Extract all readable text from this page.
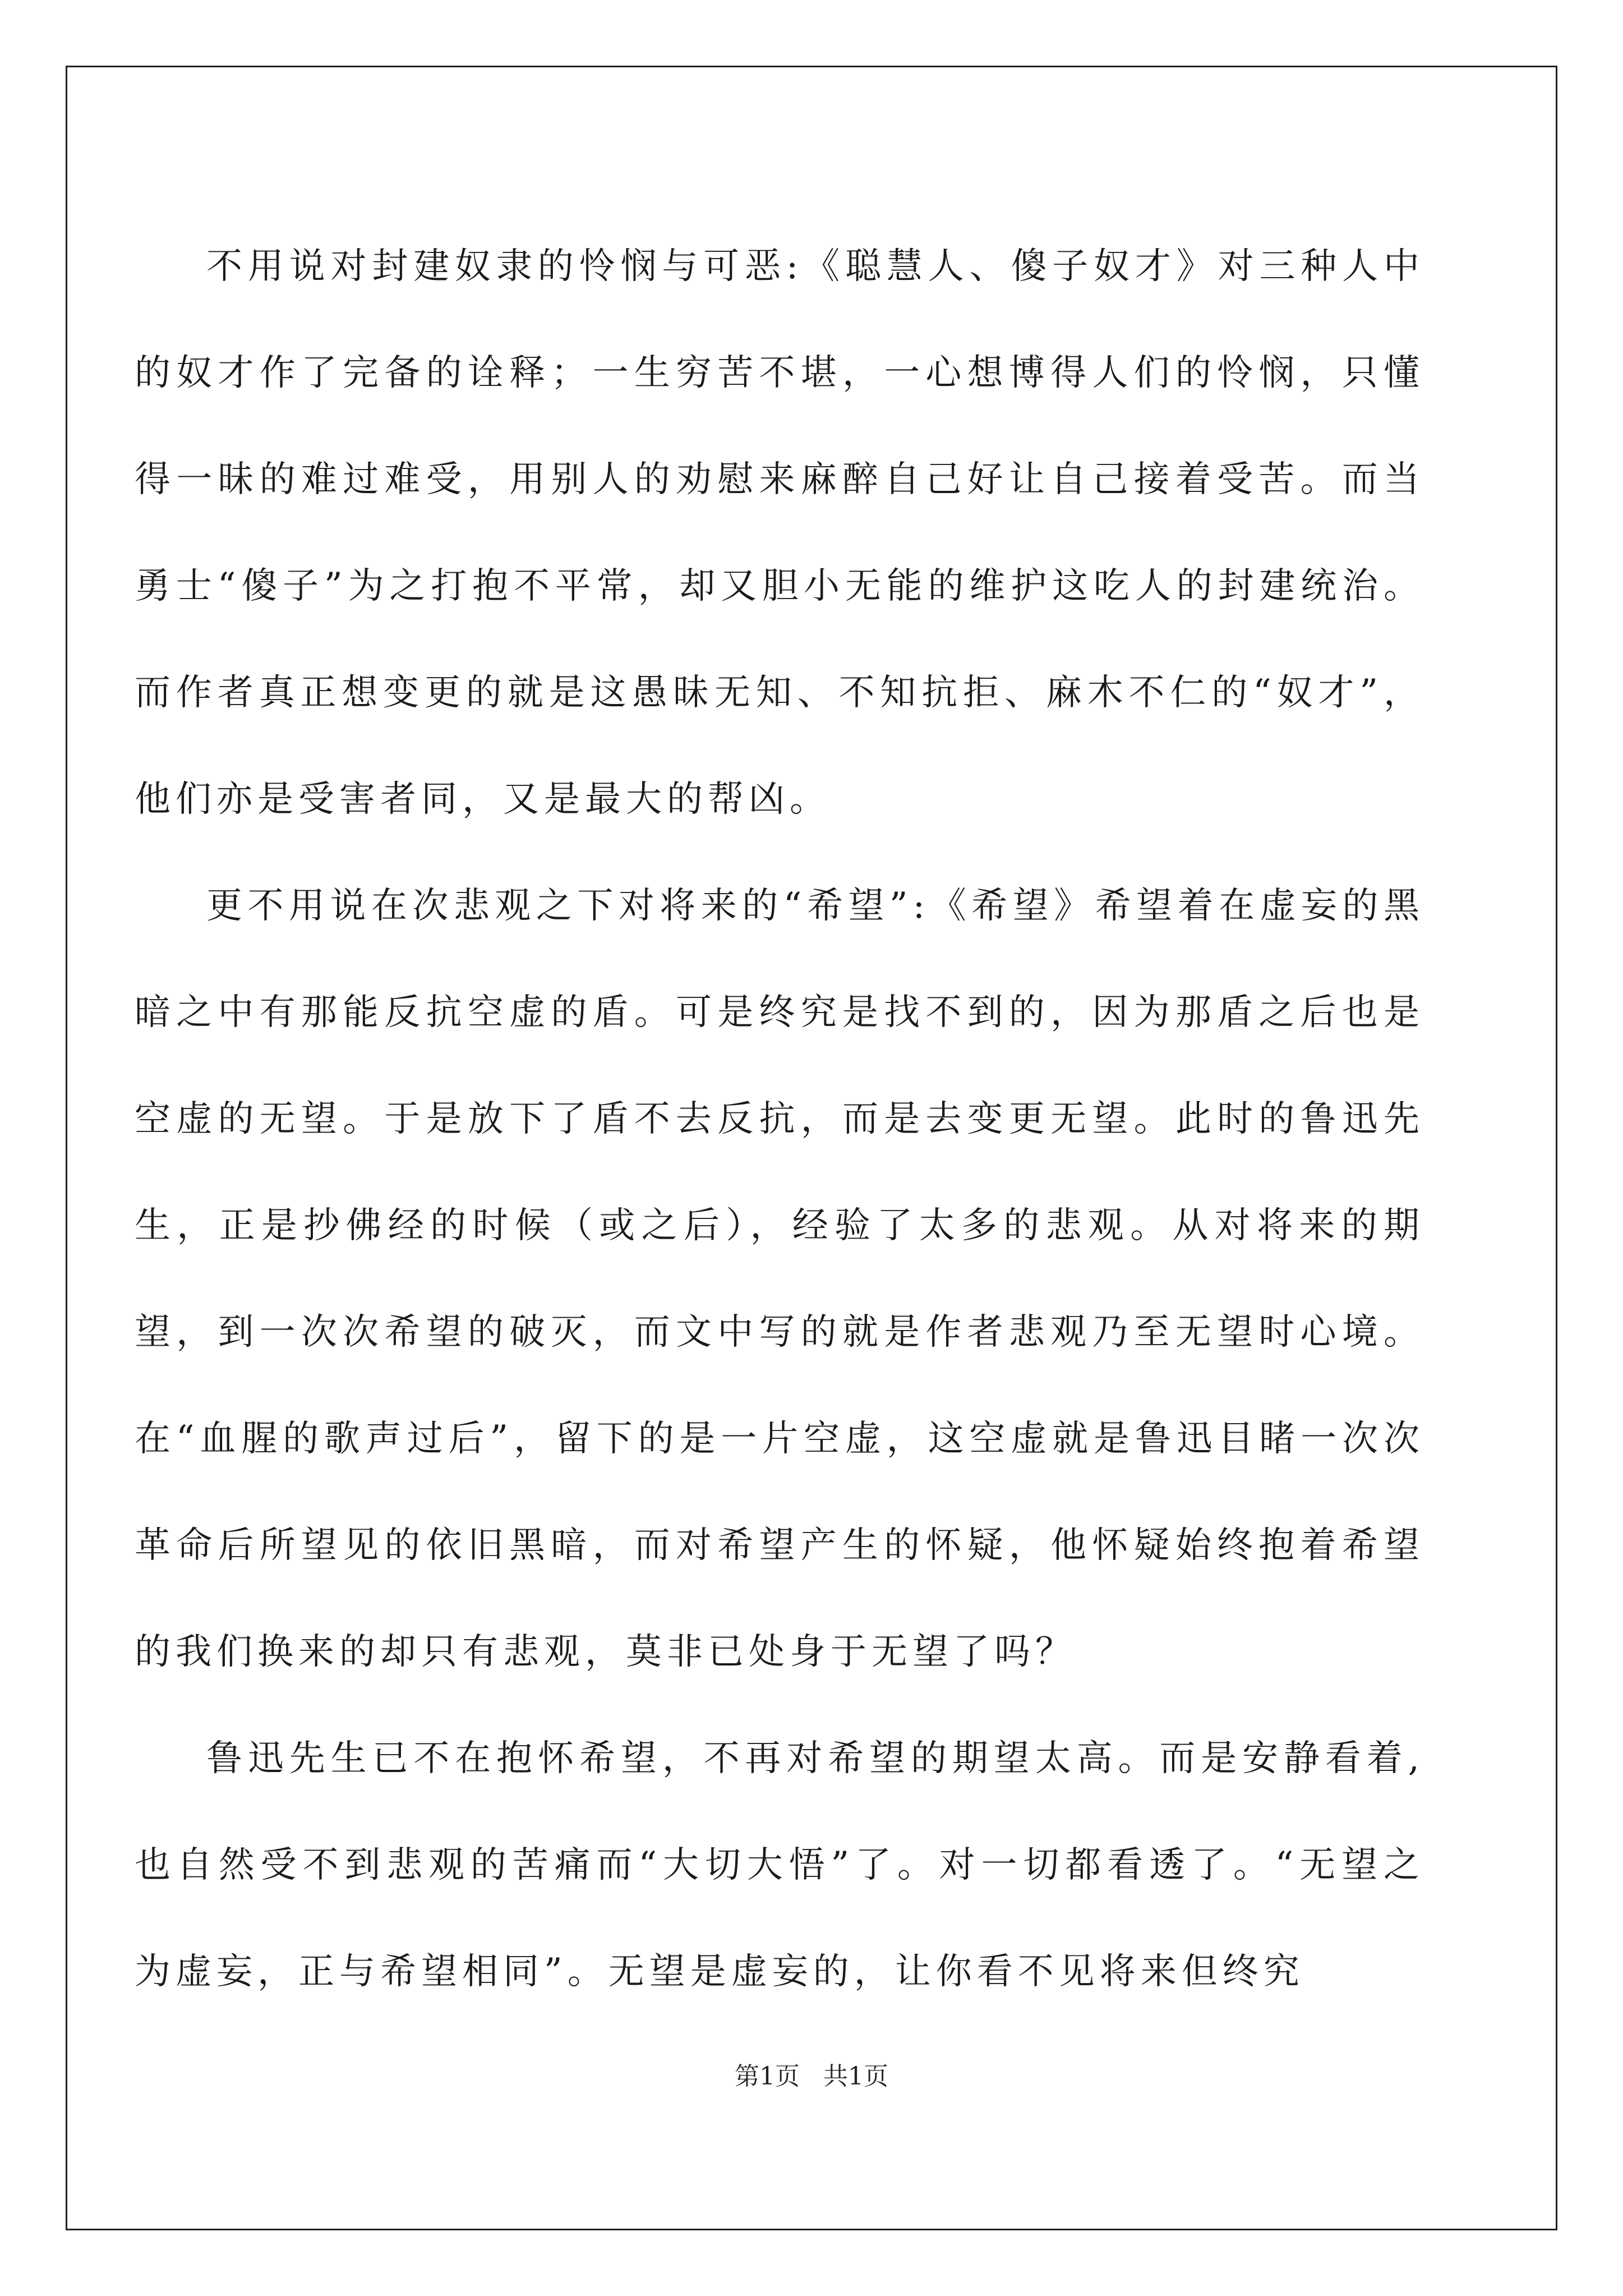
不用说对封建奴隶的怜悯与可恶:《聪慧人、傻子奴才》对三种人中的奴才作了完备的诠释；一生穷苦不堪，一心想博得人们的怜悯，只懂得一昧的难过难受，用别人的劝慰来麻醉自己好让自己接着受苦。而当勇士“傻子”为之打抱不平常，却又胆小无能的维护这吃人的封建统治。而作者真正想变更的就是这愚昧无知、不知抗拒、麻木不仁的“奴才”，他们亦是受害者同，又是最大的帮凶。

更不用说在次悲观之下对将来的“希望”:《希望》希望着在虚妄的黑暗之中有那能反抗空虚的盾。可是终究是找不到的，因为那盾之后也是空虚的无望。于是放下了盾不去反抗，而是去变更无望。此时的鲁迅先生，正是抄佛经的时候（或之后），经验了太多的悲观。从对将来的期望，到一次次希望的破灭，而文中写的就是作者悲观乃至无望时心境。在“血腥的歌声过后”，留下的是一片空虚，这空虚就是鲁迅目睹一次次革命后所望见的依旧黑暗，而对希望产生的怀疑，他怀疑始终抱着希望的我们换来的却只有悲观，莫非已处身于无望了吗？

鲁迅先生已不在抱怀希望，不再对希望的期望太高。而是安静看着,也自然受不到悲观的苦痛而“大切大悟”了。对一切都看透了。“无望之为虚妄，正与希望相同”。无望是虚妄的，让你看不见将来但终究

第1页 共1页
